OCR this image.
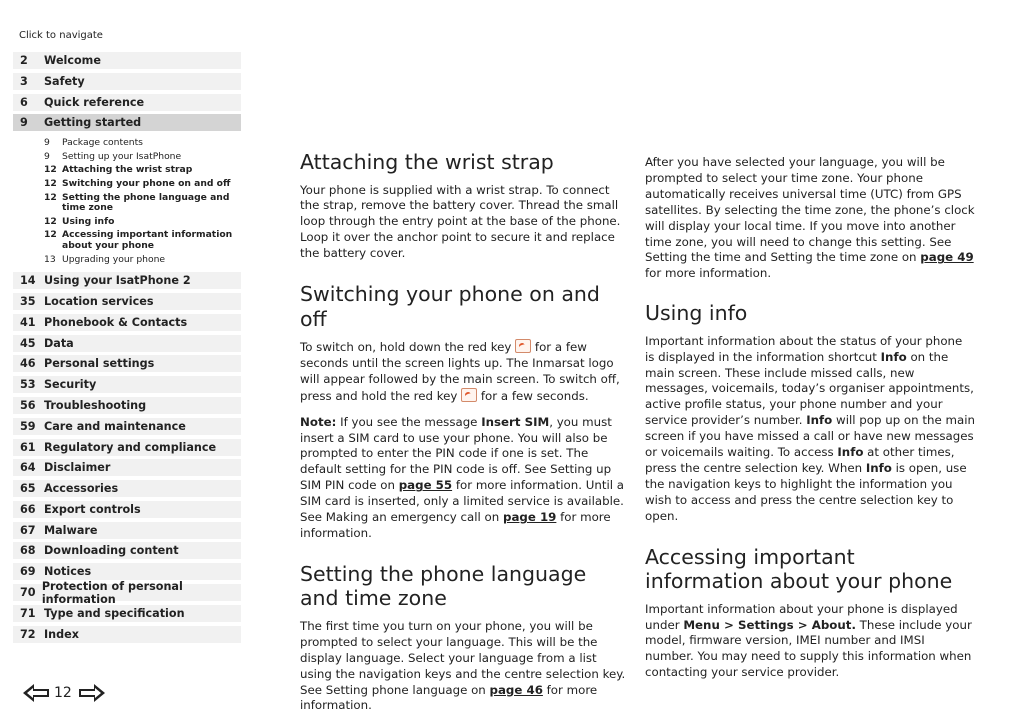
Click to navigate
2	Welcome
3	Safety
6	Quick reference
9	Getting started
9	Package contents
9	Setting up your IsatPhone
12 Attaching the wrist strap
12 Switching your phone on and off
12 Setting the phone language and time zone
12 Using info
12 Accessing important information about your phone
13 Upgrading your phone
14 Using your IsatPhone 2
35 Location services
41 Phonebook & Contacts
45 Data
46 Personal settings
53 Security
56 Troubleshooting
59 Care and maintenance
61 Regulatory and compliance
64 Disclaimer
65 Accessories
66 Export controls
67 Malware
68 Downloading content
69 Notices
70 Protection of personal information
71 Type and specification
72 Index
12
Attaching the wrist strap

Your phone is supplied with a wrist strap. To connect the strap, remove the battery cover. Thread the small loop through the entry point at the base of the phone. Loop it over the anchor point to secure it and replace the battery cover.

Switching your phone on and off

To switch on, hold down the red key  for a few seconds until the screen lights up. The Inmarsat logo will appear followed by the main screen. To switch off, press and hold the red key  for a few seconds.

Note: If you see the message Insert SIM, you must insert a SIM card to use your phone. You will also be prompted to enter the PIN code if one is set. The default setting for the PIN code is off. See Setting up SIM PIN code on page 55 for more information. Until a SIM card is inserted, only a limited service is available. See Making an emergency call on page 19 for more information.

Setting the phone language and time zone

The first time you turn on your phone, you will be prompted to select your language. This will be the display language. Select your language from a list using the navigation keys and the centre selection key. See Setting phone language on page 46 for more information.

After you have selected your language, you will be prompted to select your time zone. Your phone automatically receives universal time (UTC) from GPS satellites. By selecting the time zone, the phone’s clock will display your local time. If you move into another time zone, you will need to change this setting. See Setting the time and Setting the time zone on page 49 for more information.

Using info

Important information about the status of your phone is displayed in the information shortcut Info on the main screen. These include missed calls, new messages, voicemails, today’s organiser appointments, active profile status, your phone number and your service provider’s number. Info will pop up on the main screen if you have missed a call or have new messages or voicemails waiting. To access Info at other times, press the centre selection key. When Info is open, use the navigation keys to highlight the information you wish to access and press the centre selection key to open.

Accessing important information about your phone

Important information about your phone is displayed under Menu > Settings > About. These include your model, firmware version, IMEI number and IMSI number. You may need to supply this information when contacting your service provider.
